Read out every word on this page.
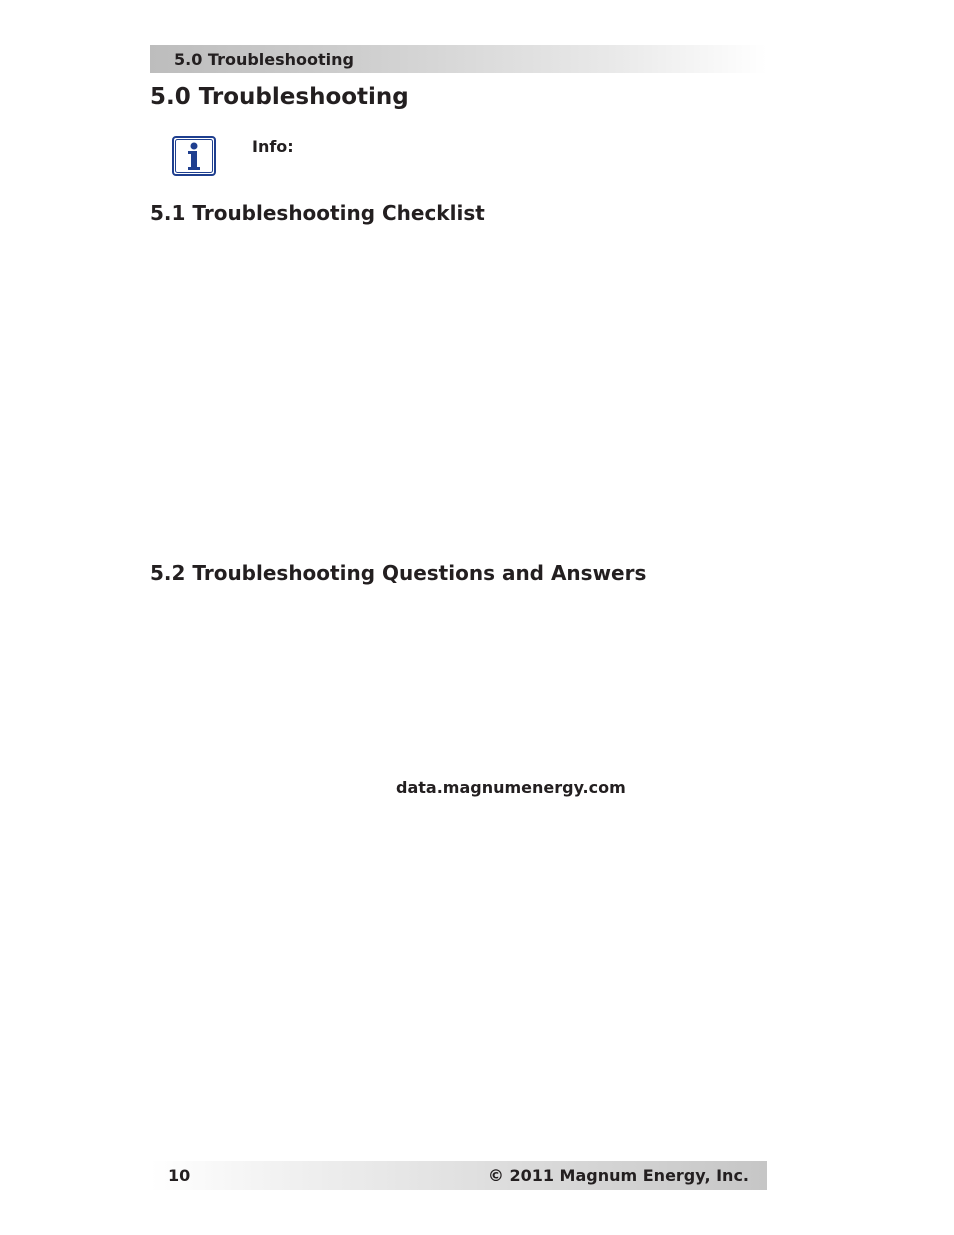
5.0 Troubleshooting
5.0 Troubleshooting
Info:
5.1 Troubleshooting Checklist
5.2 Troubleshooting Questions and Answers
data.magnumenergy.com
10	© 2011 Magnum Energy, Inc.
